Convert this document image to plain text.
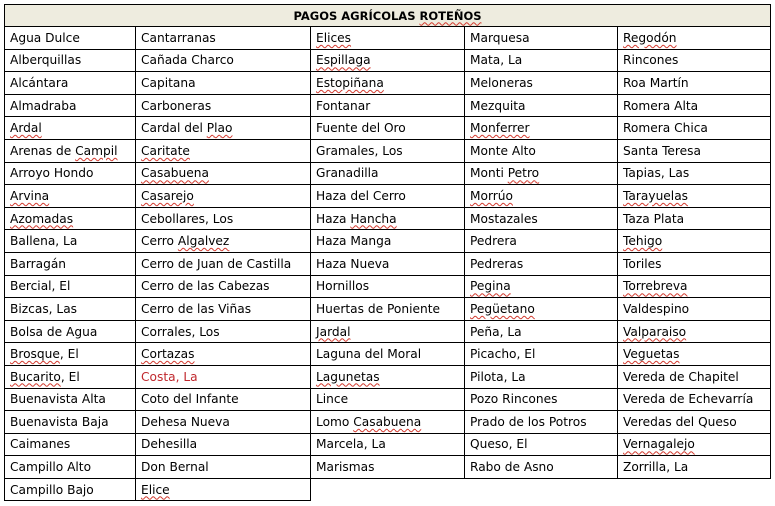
PAGOS AGRÍCOLAS ROTEÑOS				
Agua Dulce	Cantarranas	Elices	Marquesa	Regodón
Alberquillas	Cañada Charco	Espillaga	Mata, La	Rincones
Alcántara	Capitana	Estopiñana	Meloneras	Roa Martín
Almadraba	Carboneras	Fontanar	Mezquita	Romera Alta
Ardal	Cardal del Plao	Fuente del Oro	Monferrer	Romera Chica
Arenas de Campil	Caritate	Gramales, Los	Monte Alto	Santa Teresa
Arroyo Hondo	Casabuena	Granadilla	Monti Petro	Tapias, Las
Arvina	Casarejo	Haza del Cerro	Morrúo	Tarayuelas
Azomadas	Cebollares, Los	Haza Hancha	Mostazales	Taza Plata
Ballena, La	Cerro Algalvez	Haza Manga	Pedrera	Tehigo
Barragán	Cerro de Juan de Castilla	Haza Nueva	Pedreras	Toriles
Bercial, El	Cerro de las Cabezas	Hornillos	Pegina	Torrebreva
Bizcas, Las	Cerro de las Viñas	Huertas de Poniente	Pegüetano	Valdespino
Bolsa de Agua	Corrales, Los	Jardal	Peña, La	Valparaiso
Brosque, El	Cortazas	Laguna del Moral	Picacho, El	Veguetas
Bucarito, El	Costa, La	Lagunetas	Pilota, La	Vereda de Chapitel
Buenavista Alta	Coto del Infante	Lince	Pozo Rincones	Vereda de Echevarría
Buenavista Baja	Dehesa Nueva	Lomo Casabuena	Prado de los Potros	Veredas del Queso
Caimanes	Dehesilla	Marcela, La	Queso, El	Vernagalejo
Campillo Alto	Don Bernal	Marismas	Rabo de Asno	Zorrilla, La
Campillo Bajo	Elice			
